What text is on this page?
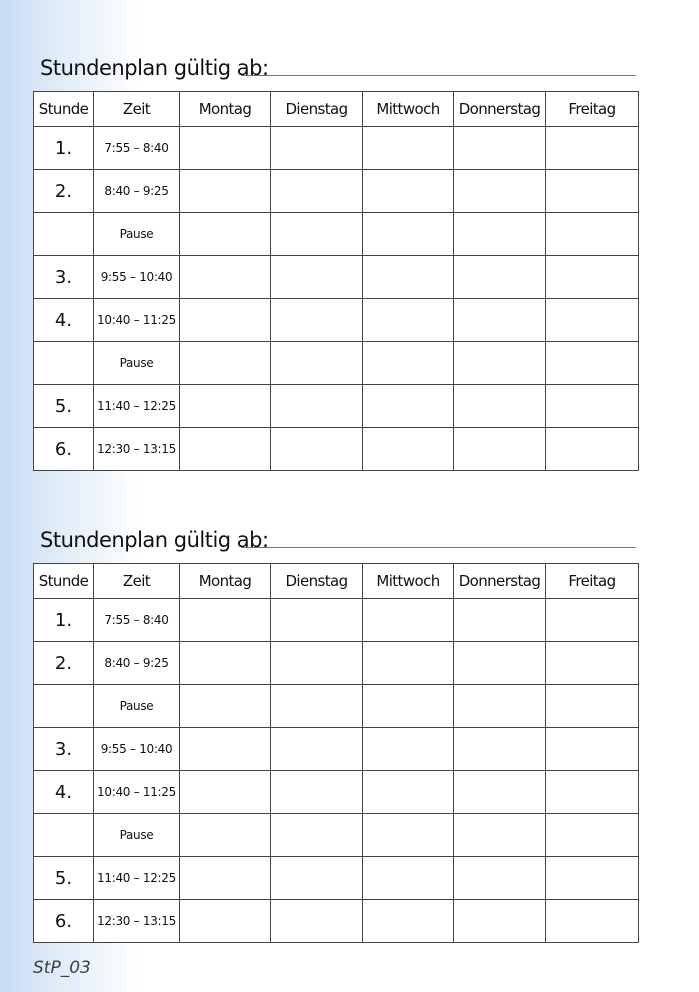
Stundenplan gültig ab:
Stunde	Zeit	Montag	Dienstag	Mittwoch	Donnerstag	Freitag
1.	7:55 – 8:40					
2.	8:40 – 9:25					
	Pause					
3.	9:55 – 10:40					
4.	10:40 – 11:25					
	Pause					
5.	11:40 – 12:25					
6.	12:30 – 13:15					
Stundenplan gültig ab:
Stunde	Zeit	Montag	Dienstag	Mittwoch	Donnerstag	Freitag
1.	7:55 – 8:40					
2.	8:40 – 9:25					
	Pause					
3.	9:55 – 10:40					
4.	10:40 – 11:25					
	Pause					
5.	11:40 – 12:25					
6.	12:30 – 13:15					
StP_03
